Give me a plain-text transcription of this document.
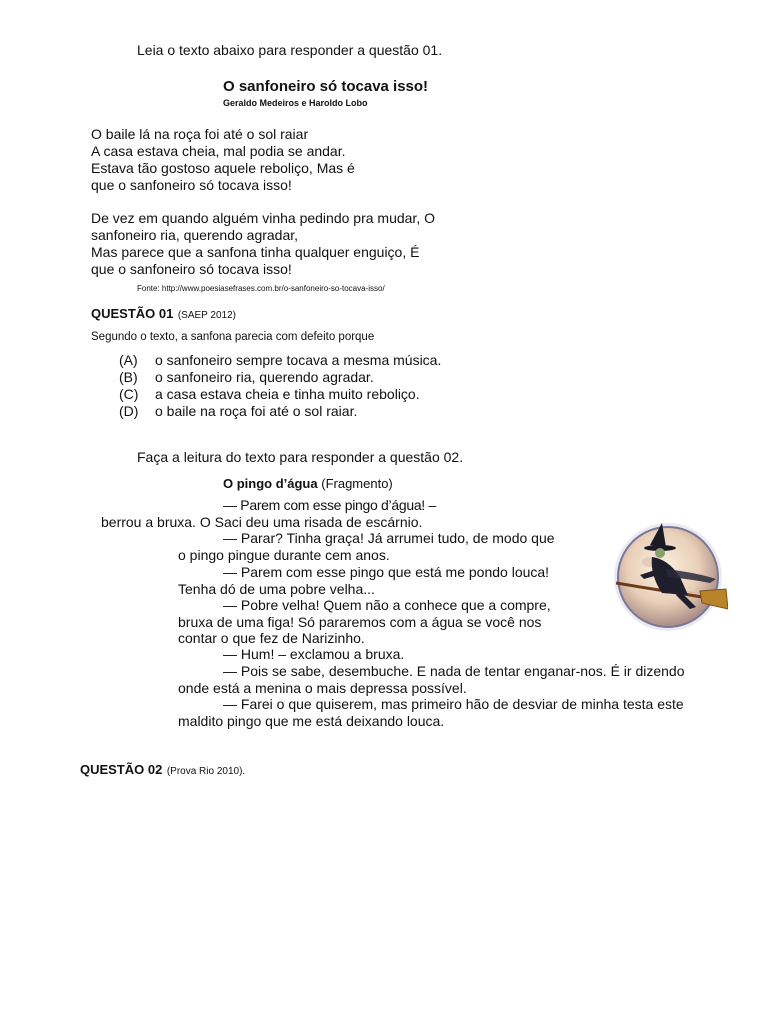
Leia o texto abaixo para responder a questão 01.
O sanfoneiro só tocava isso!
Geraldo Medeiros e Haroldo Lobo
O baile lá na roça foi até o sol raiar
A casa estava cheia, mal podia se andar.
Estava tão gostoso aquele reboliço, Mas é
que o sanfoneiro só tocava isso!
De vez em quando alguém vinha pedindo pra mudar, O
sanfoneiro ria, querendo agradar,
Mas parece que a sanfona tinha qualquer enguiço, É
que o sanfoneiro só tocava isso!
Fonte: http://www.poesiasefrases.com.br/o-sanfoneiro-so-tocava-isso/
QUESTÃO 01 (SAEP 2012)
Segundo o texto, a sanfona parecia com defeito porque
(A) o sanfoneiro sempre tocava a mesma música.
(B) o sanfoneiro ria, querendo agradar.
(C) a casa estava cheia e tinha muito reboliço.
(D) o baile na roça foi até o sol raiar.
Faça a leitura do texto para responder a questão 02.
O pingo d’água (Fragmento)
— Parem com esse pingo d’água! –
berrou a bruxa. O Saci deu uma risada de escárnio.
— Parar? Tinha graça! Já arrumei tudo, de modo que
o pingo pingue durante cem anos.
— Parem com esse pingo que está me pondo louca!
Tenha dó de uma pobre velha...
— Pobre velha! Quem não a conhece que a compre,
bruxa de uma figa! Só pararemos com a água se você nos
contar o que fez de Narizinho.
— Hum! – exclamou a bruxa.
— Pois se sabe, desembuche. E nada de tentar enganar-nos. É ir dizendo
onde está a menina o mais depressa possível.
— Farei o que quiserem, mas primeiro hão de desviar de minha testa este
maldito pingo que me está deixando louca.
QUESTÃO 02 (Prova Rio 2010).
